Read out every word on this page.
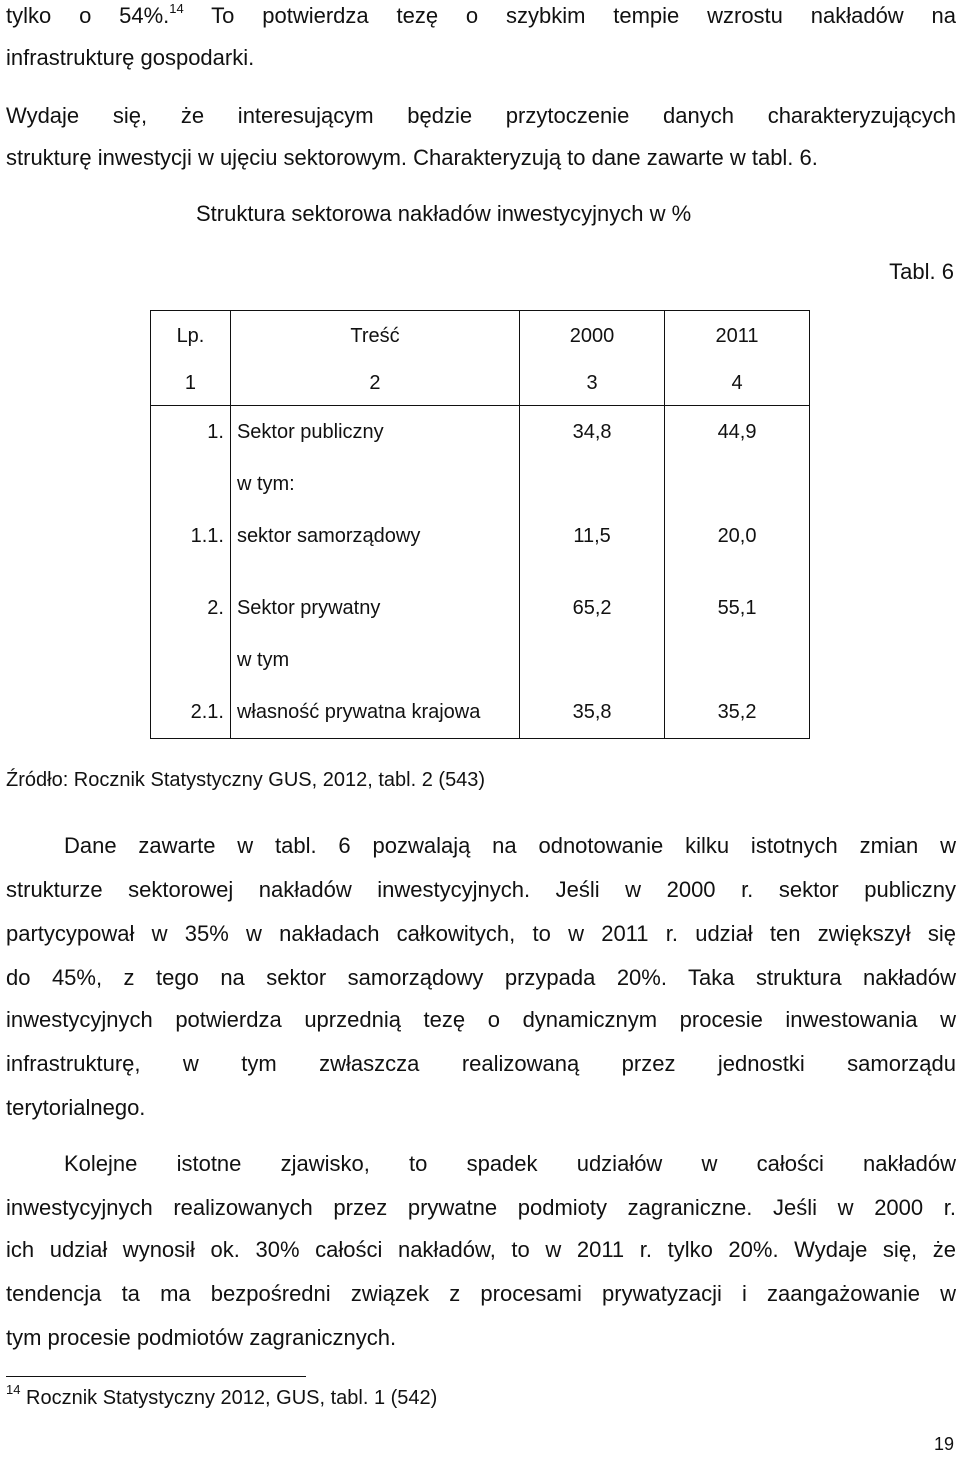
tylko o 54%.$^{14}$ To potwierdza tezę o szybkim tempie wzrostu nakładów na
infrastrukturę gospodarki.
Wydaje się, że interesującym będzie przytoczenie danych charakteryzujących
strukturę inwestycji w ujęciu sektorowym. Charakteryzują to dane zawarte w tabl. 6.
Struktura sektorowa nakładów inwestycyjnych w %
Tabl. 6
Lp.	Treść	2000	2011
1	2	3	4
1.	Sektor publiczny	34,8	44,9
	w tym:		
1.1.	sektor samorządowy	11,5	20,0

2.	Sektor prywatny	65,2	55,1
	w tym		
2.1.	własność prywatna krajowa	35,8	35,2
Źródło: Rocznik Statystyczny GUS, 2012, tabl. 2 (543)
Dane zawarte w tabl. 6 pozwalają na odnotowanie kilku istotnych zmian w
strukturze sektorowej nakładów inwestycyjnych. Jeśli w 2000 r. sektor publiczny
partycypował w 35% w nakładach całkowitych, to w 2011 r. udział ten zwiększył się
do 45%, z tego na sektor samorządowy przypada 20%. Taka struktura nakładów
inwestycyjnych potwierdza uprzednią tezę o dynamicznym procesie inwestowania w
infrastrukturę, w tym zwłaszcza realizowaną przez jednostki samorządu
terytorialnego.
Kolejne istotne zjawisko, to spadek udziałów w całości nakładów
inwestycyjnych realizowanych przez prywatne podmioty zagraniczne. Jeśli w 2000 r.
ich udział wynosił ok. 30% całości nakładów, to w 2011 r. tylko 20%. Wydaje się, że
tendencja ta ma bezpośredni związek z procesami prywatyzacji i zaangażowanie w
tym procesie podmiotów zagranicznych.
$^{14}$ Rocznik Statystyczny 2012, GUS, tabl. 1 (542)
19
